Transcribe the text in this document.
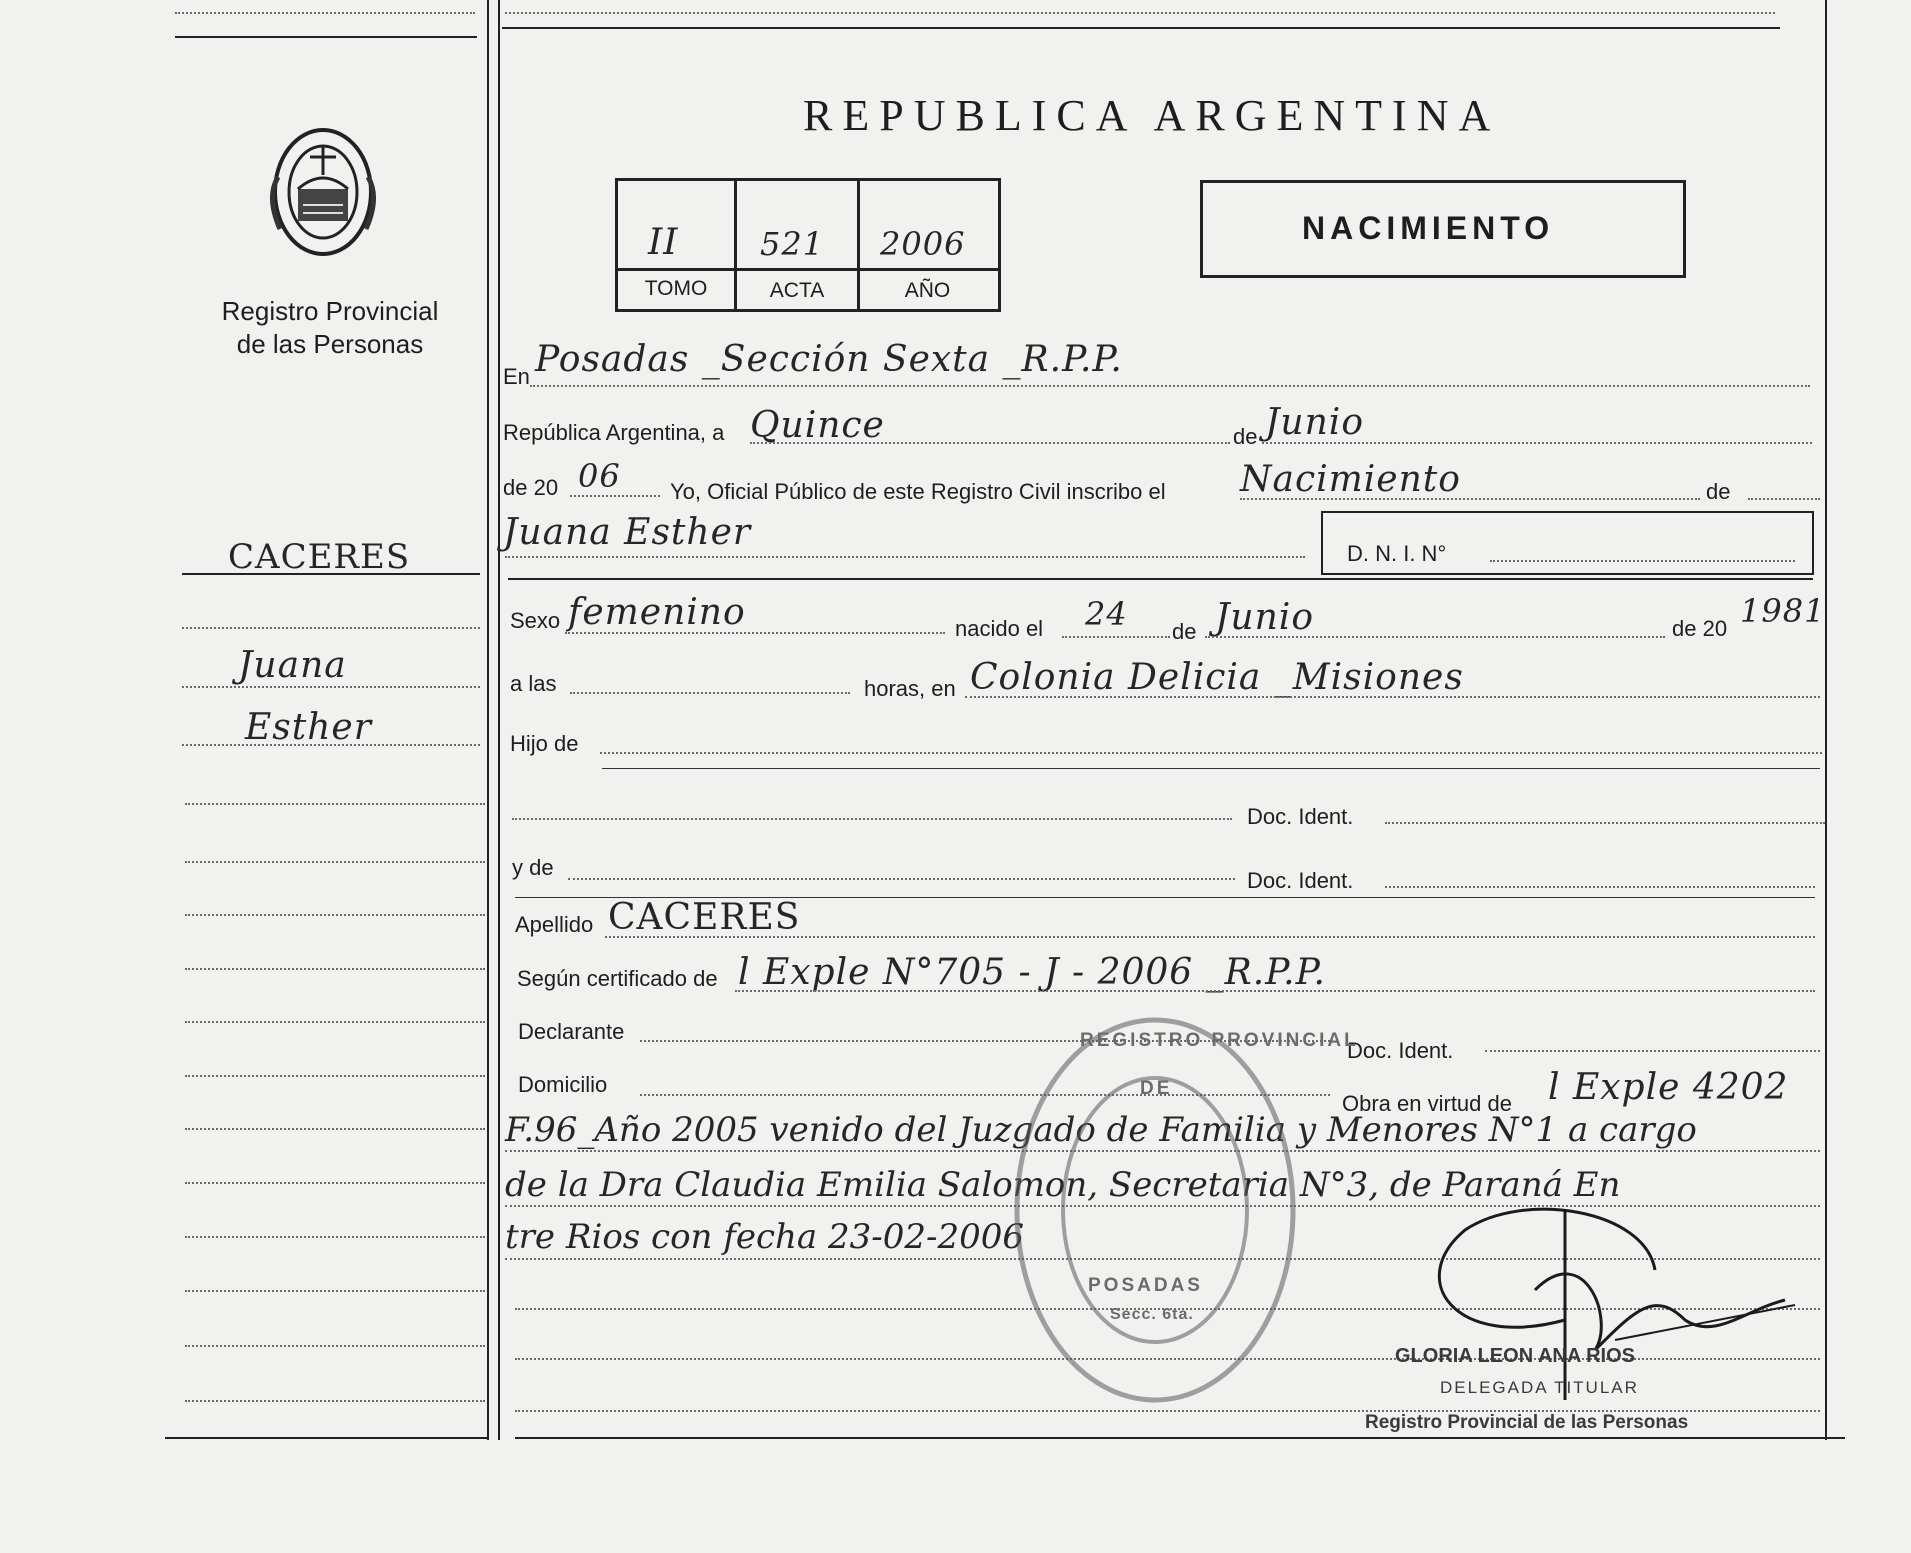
Registro Provincial
de las Personas
REPUBLICA ARGENTINA
II	521 2006
TOMO	ACTA	AÑO
NACIMIENTO
CACERES
Juana
Esther
En Posadas _Sección Sexta _R.P.P.
República Argentina, a Quince	de Junio
de 20 06 Yo, Oficial Público de este Registro Civil inscribo el Nacimiento	de
Juana Esther
D. N. I. N°
Sexo femenino	nacido el 24 de Junio	de 20 1981
a las	horas, en Colonia Delicia _Misiones
Hijo de
Doc. Ident.
y de
Doc. Ident.
Apellido CACERES
Según certificado de l Exple N°705 - J - 2006 _R.P.P.
Declarante
Doc. Ident.
Domicilio
Obra en virtud de l Exple 4202
F.96_Año 2005 venido del Juzgado de Familia y Menores N°1 a cargo
de la Dra Claudia Emilia Salomon, Secretaria N°3, de Paraná En
tre Rios con fecha 23-02-2006
REGISTRO PROVINCIAL
DE
POSADAS
Secc. 6ta.
GLORIA LEON ANA RIOS
DELEGADA TITULAR
Registro Provincial de las Personas
